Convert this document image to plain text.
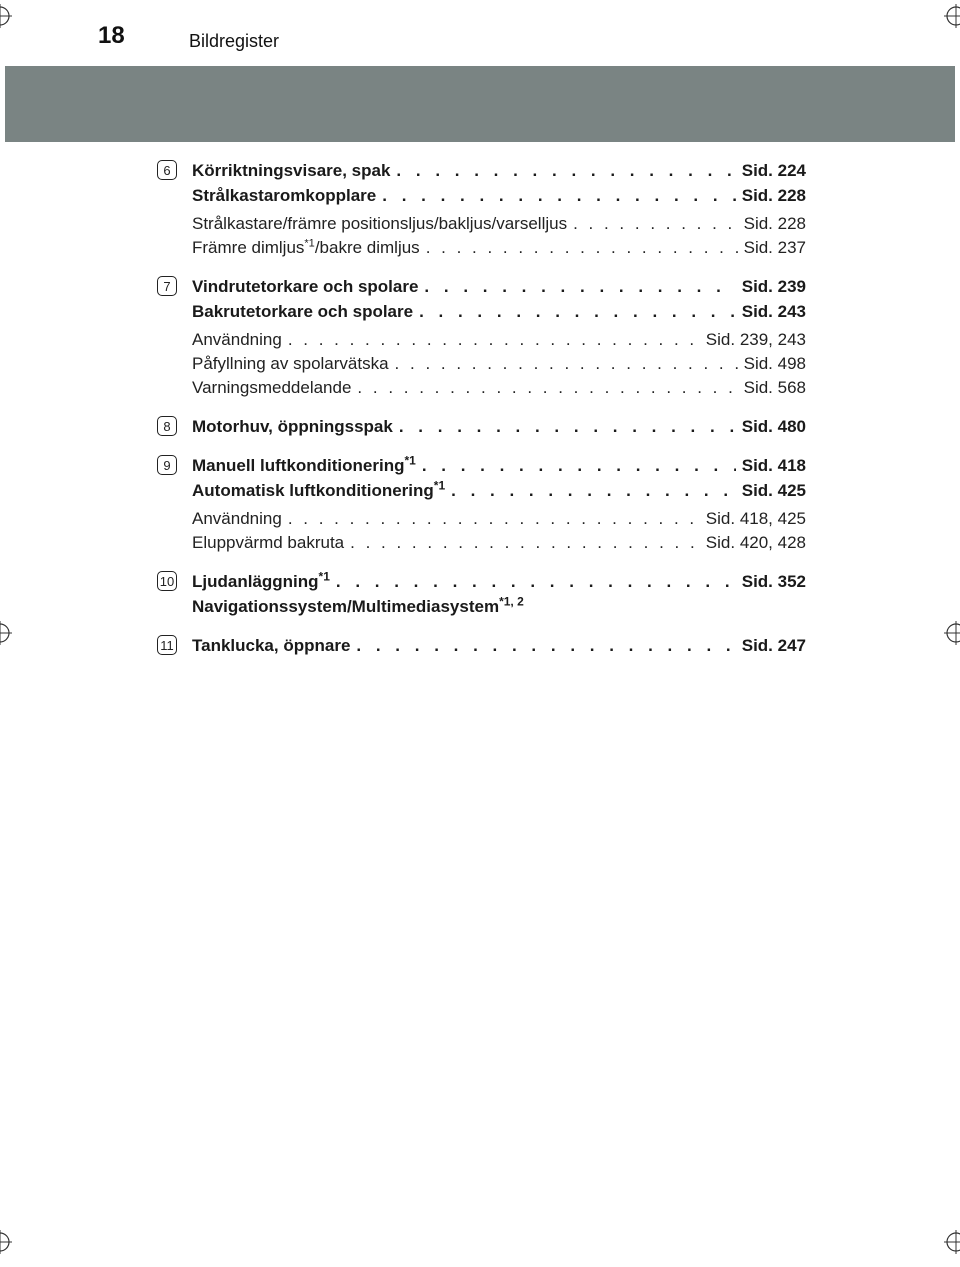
18	Bildregister
6	Körriktningsvisare, spak . . .	Sid. 224
Strålkastaromkopplare . . .	Sid. 228
Strålkastare/främre positionsljus/bakljus/varselljus . . .	Sid. 228
Främre dimljus$^{*1}$/bakre dimljus . . .	Sid. 237
7	Vindrutetorkare och spolare . . .	Sid. 239
Bakrutetorkare och spolare . . .	Sid. 243
Användning . . .	Sid. 239, 243
Påfyllning av spolarvätska . . .	Sid. 498
Varningsmeddelande . . .	Sid. 568
8	Motorhuv, öppningsspak . . .	Sid. 480
9	Manuell luftkonditionering$^{*1}$ . . .	Sid. 418
Automatisk luftkonditionering$^{*1}$ . . .	Sid. 425
Användning . . .	Sid. 418, 425
Eluppvärmd bakruta . . .	Sid. 420, 428
10 Ljudanläggning$^{*1}$ . . .	Sid. 352
Navigationssystem/Multimediasystem$^{*1, 2}$
11 Tanklucka, öppnare . . .	Sid. 247
